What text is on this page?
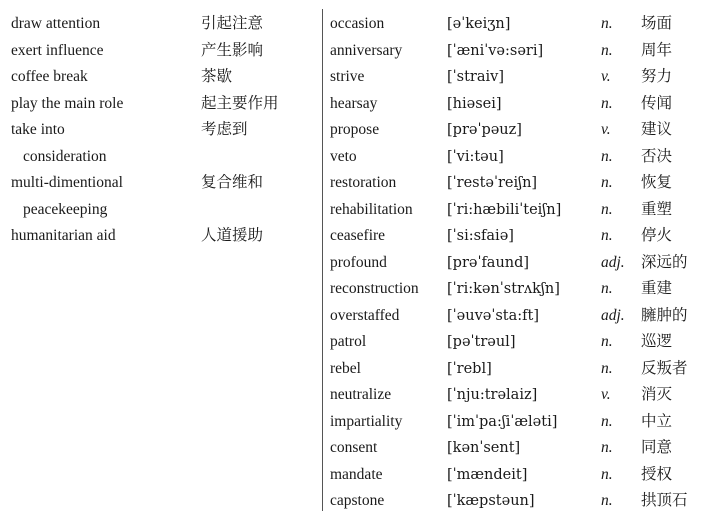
draw attention	引起注意
exert influence	产生影响
coffee break	茶歇
play the main role	起主要作用
take into	考虑到
consideration
multi-dimentional	复合维和
peacekeeping
humanitarian aid	人道援助
occasion	[əˈkeiʒn]	n. 场面
anniversary	[ˈæniˈvə:səri]	n. 周年
strive	[ˈstraiv]	v. 努力
hearsay	[hiəsei]	n. 传闻
propose	[prəˈpəuz]	v. 建议
veto	[ˈvi:təu]	n. 否决
restoration	[ˈrestəˈreiʃn]	n. 恢复
rehabilitation [ˈri:hæbiliˈteiʃn]	n. 重塑
ceasefire	[ˈsi:sfaiə]	n. 停火
profound	[prəˈfaund]	adj. 深远的
reconstruction [ˈri:kənˈstrʌkʃn]	n. 重建
overstaffed	[ˈəuvəˈsta:ft]	adj. 臃肿的
patrol	[pəˈtrəul]	n. 巡逻
rebel	[ˈrebl]	n. 反叛者
neutralize	[ˈnju:trəlaiz]	v. 消灭
impartiality	[ˈimˈpa:ʃiˈæləti]	n. 中立
consent	[kənˈsent]	n. 同意
mandate	[ˈmændeit]	n. 授权
capstone	[ˈkæpstəun]	n. 拱顶石
